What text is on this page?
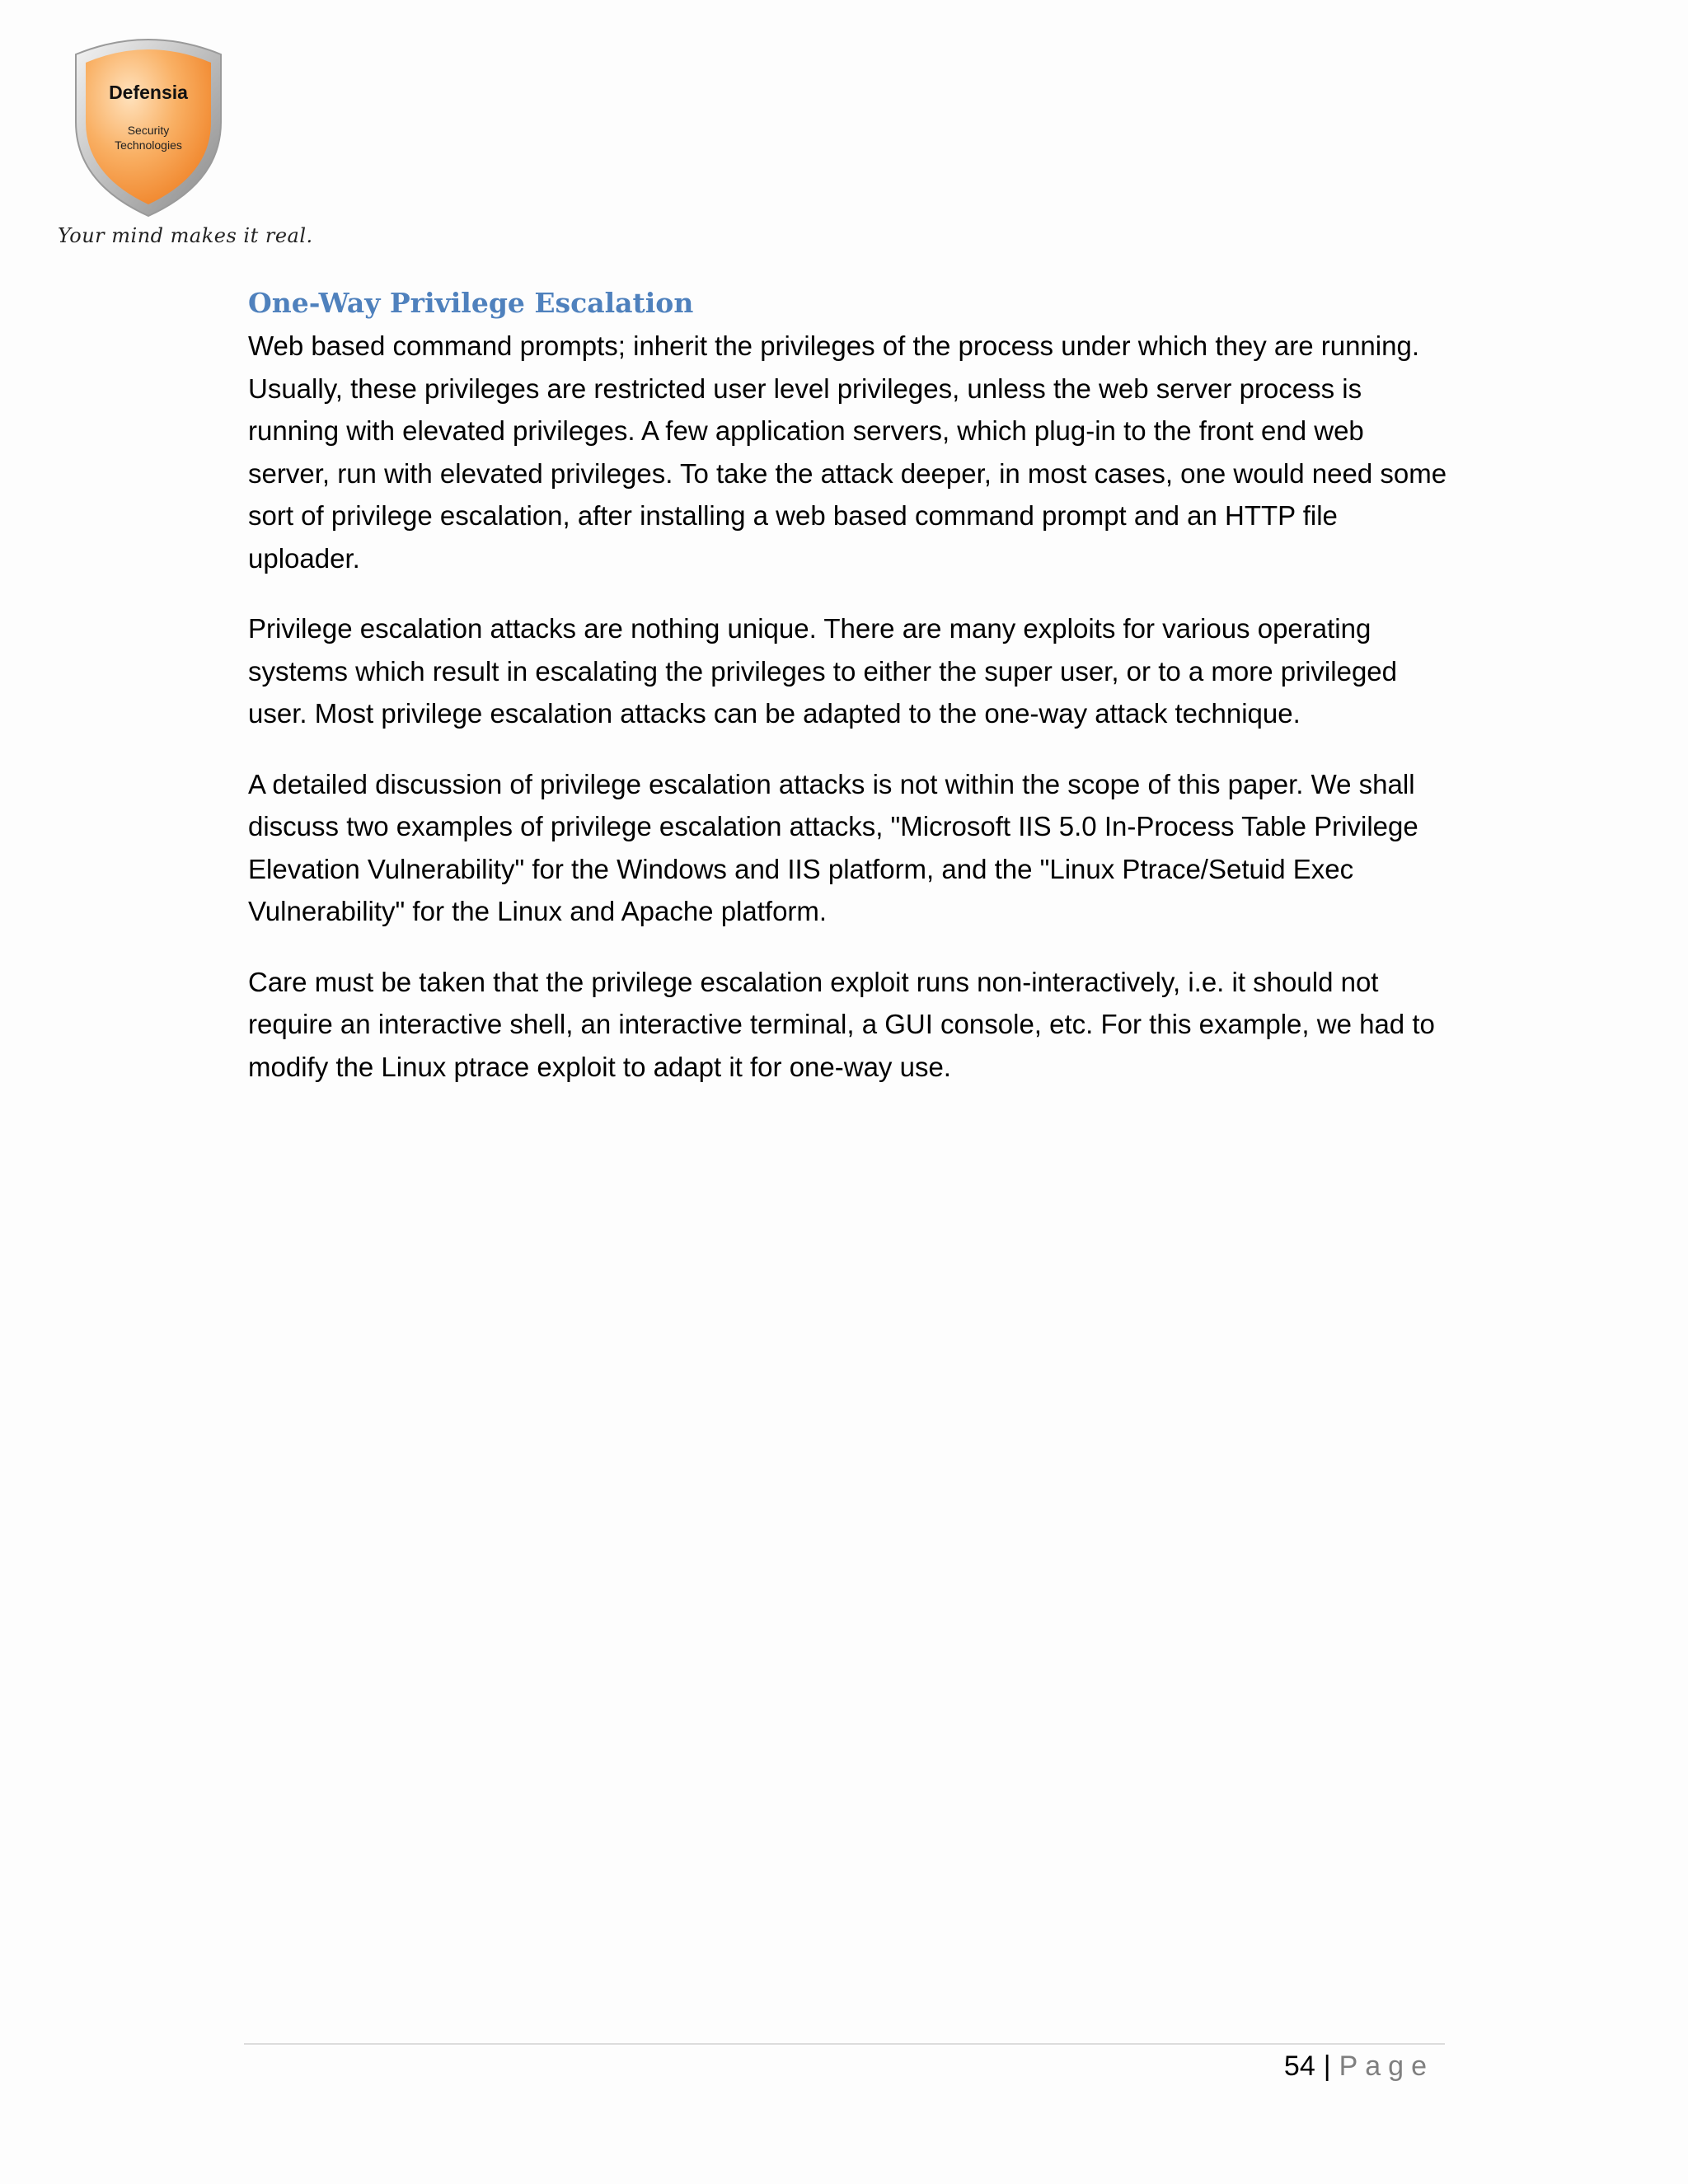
Defensia
Security
Technologies
Your mind makes it real.
One-Way Privilege Escalation

Web based command prompts; inherit the privileges of the process under which they are running. Usually, these privileges are restricted user level privileges, unless the web server process is running with elevated privileges. A few application servers, which plug-in to the front end web server, run with elevated privileges. To take the attack deeper, in most cases, one would need some sort of privilege escalation, after installing a web based command prompt and an HTTP file uploader.

Privilege escalation attacks are nothing unique. There are many exploits for various operating systems which result in escalating the privileges to either the super user, or to a more privileged user. Most privilege escalation attacks can be adapted to the one-way attack technique.

A detailed discussion of privilege escalation attacks is not within the scope of this paper. We shall discuss two examples of privilege escalation attacks, "Microsoft IIS 5.0 In-Process Table Privilege Elevation Vulnerability" for the Windows and IIS platform, and the "Linux Ptrace/Setuid Exec Vulnerability" for the Linux and Apache platform.

Care must be taken that the privilege escalation exploit runs non-interactively, i.e. it should not require an interactive shell, an interactive terminal, a GUI console, etc. For this example, we had to modify the Linux ptrace exploit to adapt it for one-way use.

54 | Page
